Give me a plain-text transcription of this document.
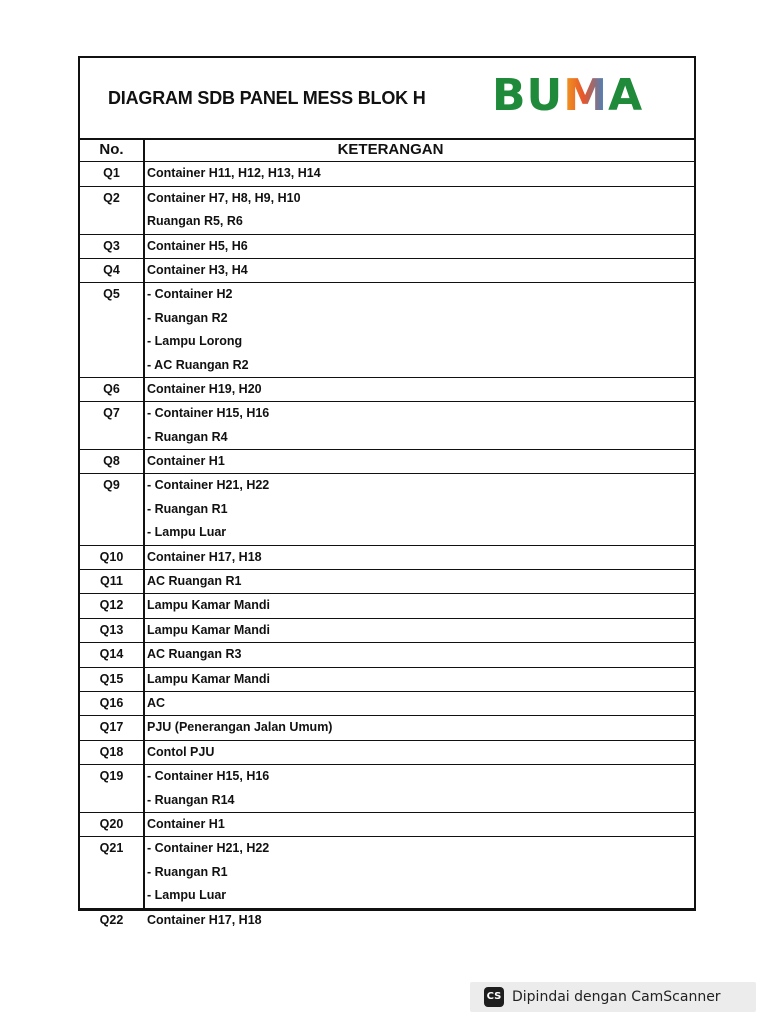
DIAGRAM SDB PANEL MESS BLOK H BUMA
No.	KETERANGAN
Q1	Container H11, H12, H13, H14
Q2	Container H7, H8, H9, H10
Ruangan R5, R6
Q3	Container H5, H6
Q4	Container H3, H4
Q5	- Container H2
- Ruangan R2
- Lampu Lorong
- AC Ruangan R2
Q6	Container H19, H20
Q7	- Container H15, H16
- Ruangan R4
Q8	Container H1
Q9	- Container H21, H22
- Ruangan R1
- Lampu Luar
Q10	Container H17, H18
Q11	AC Ruangan R1
Q12	Lampu Kamar Mandi
Q13	Lampu Kamar Mandi
Q14	AC Ruangan R3
Q15	Lampu Kamar Mandi
Q16	AC
Q17	PJU (Penerangan Jalan Umum)
Q18	Contol PJU
Q19	- Container H15, H16
- Ruangan R14
Q20	Container H1
Q21	- Container H21, H22
- Ruangan R1
- Lampu Luar
Q22	Container H17, H18
CS Dipindai dengan CamScanner
